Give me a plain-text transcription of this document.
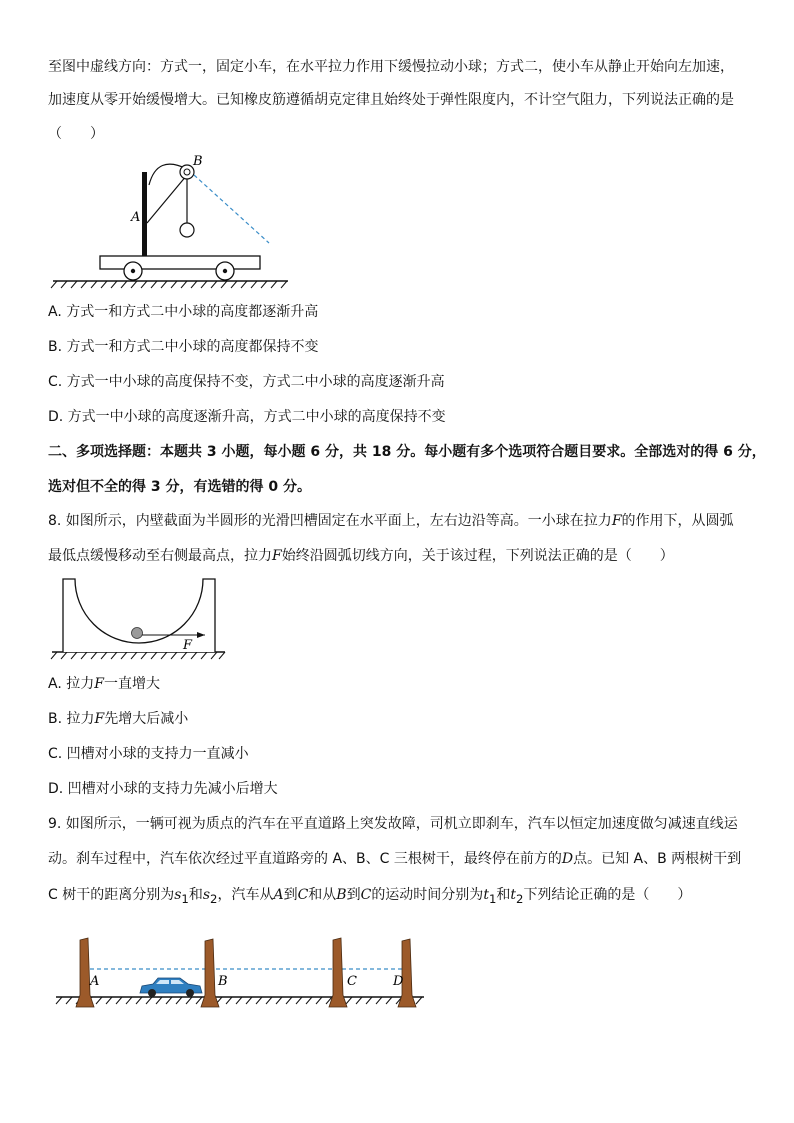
至图中虚线方向：方式一，固定小车，在水平拉力作用下缓慢拉动小球；方式二，使小车从静止开始向左加速，
加速度从零开始缓慢增大。已知橡皮筋遵循胡克定律且始终处于弹性限度内，不计空气阻力，下列说法正确的是
（　　）
A
B
A. 方式一和方式二中小球的高度都逐渐升高
B. 方式一和方式二中小球的高度都保持不变
C. 方式一中小球的高度保持不变，方式二中小球的高度逐渐升高
D. 方式一中小球的高度逐渐升高，方式二中小球的高度保持不变
二、多项选择题：本题共 3 小题，每小题 6 分，共 18 分。每小题有多个选项符合题目要求。全部选对的得 6 分，
选对但不全的得 3 分，有选错的得 0 分。
8. 如图所示，内壁截面为半圆形的光滑凹槽固定在水平面上，左右边沿等高。一小球在拉力F的作用下，从圆弧
最低点缓慢移动至右侧最高点，拉力F始终沿圆弧切线方向，关于该过程，下列说法正确的是（　　）
F
A. 拉力F一直增大
B. 拉力F先增大后减小
C. 凹槽对小球的支持力一直减小
D. 凹槽对小球的支持力先减小后增大
9. 如图所示，一辆可视为质点的汽车在平直道路上突发故障，司机立即刹车，汽车以恒定加速度做匀减速直线运
动。刹车过程中，汽车依次经过平直道路旁的 A、B、C 三根树干，最终停在前方的D点。已知 A、B 两根树干到
C 树干的距离分别为$s_1$和$s_2$，汽车从A到C和从B到C的运动时间分别为$t_1$和$t_2$下列结论正确的是（　　）
A	B	C	D
